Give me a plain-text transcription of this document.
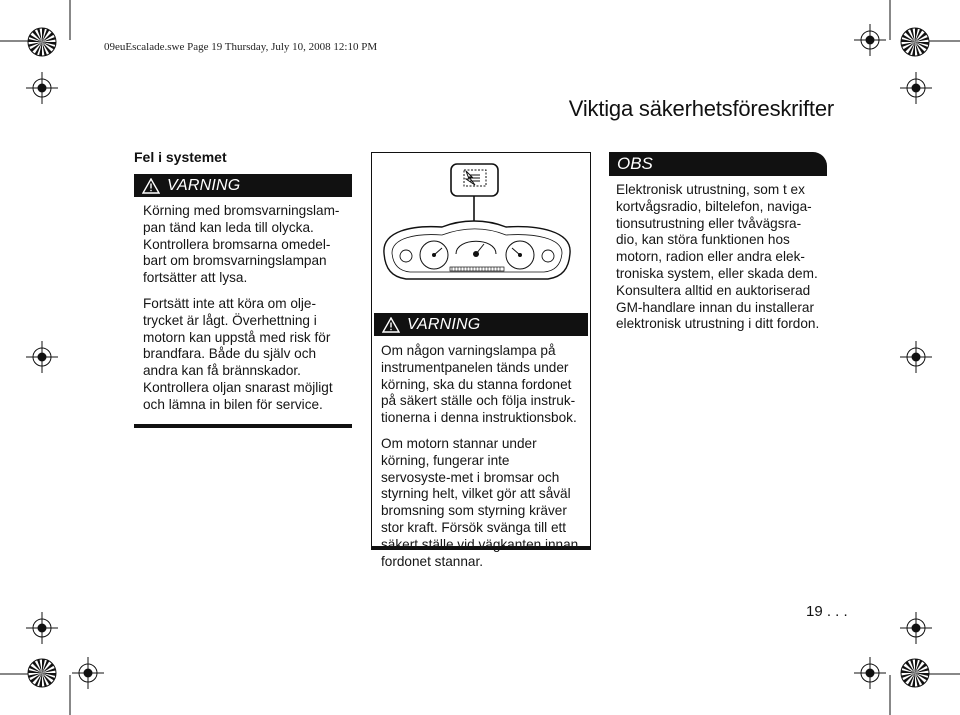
09euEscalade.swe Page 19 Thursday, July 10, 2008 12:10 PM
Viktiga säkerhetsföreskrifter
Fel i systemet
VARNING

Körning med bromsvarningslam-pan tänd kan leda till olycka. Kontrollera bromsarna omedel-bart om bromsvarningslampan fortsätter att lysa.

Fortsätt inte att köra om olje-trycket är lågt. Överhettning i motorn kan uppstå med risk för brandfara. Både du själv och andra kan få brännskador. Kontrollera oljan snarast möjligt och lämna in bilen för service.

VARNING

Om någon varningslampa på instrumentpanelen tänds under körning, ska du stanna fordonet på säkert ställe och följa instruk-tionerna i denna instruktionsbok.

Om motorn stannar under körning, fungerar inte servosyste-met i bromsar och styrning helt, vilket gör att såväl bromsning som styrning kräver stor kraft. Försök svänga till ett säkert ställe vid vägkanten innan fordonet stannar.

OBS
Elektronisk utrustning, som t ex kortvågsradio, biltelefon, naviga-tionsutrustning eller tvåvägsra-dio, kan störa funktionen hos motorn, radion eller andra elek-troniska system, eller skada dem. Konsultera alltid en auktoriserad GM-handlare innan du installerar elektronisk utrustning i ditt fordon.
19 . . .
